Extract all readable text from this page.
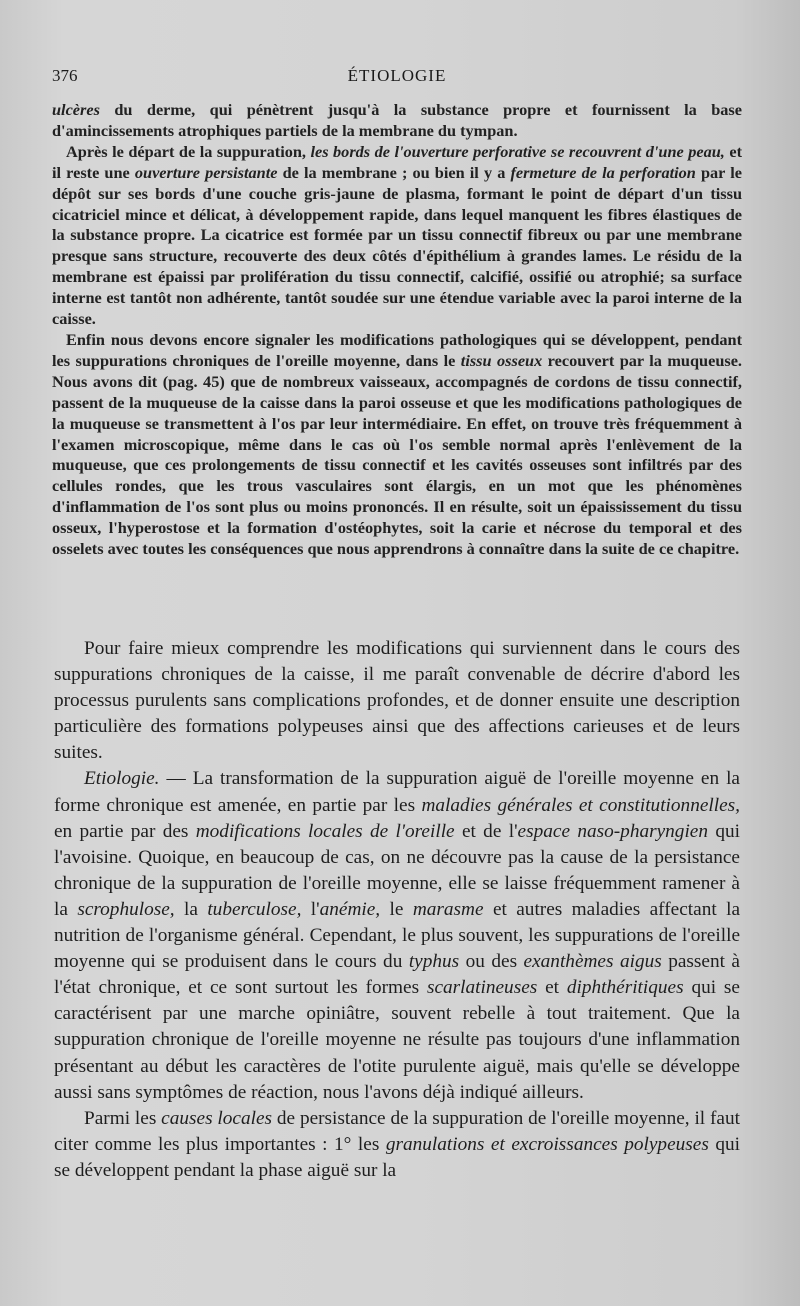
376	ÉTIOLOGIE

ulcères du derme, qui pénètrent jusqu'à la substance propre et fournissent la base d'amincissements atrophiques partiels de la membrane du tympan.

Après le départ de la suppuration, les bords de l'ouverture perforative se recouvrent d'une peau, et il reste une ouverture persistante de la membrane ; ou bien il y a fermeture de la perforation par le dépôt sur ses bords d'une couche gris-jaune de plasma, formant le point de départ d'un tissu cicatriciel mince et délicat, à développement rapide, dans lequel manquent les fibres élastiques de la substance propre. La cicatrice est formée par un tissu connectif fibreux ou par une membrane presque sans structure, recouverte des deux côtés d'épithélium à grandes lames. Le résidu de la membrane est épaissi par prolifération du tissu connectif, calcifié, ossifié ou atrophié; sa surface interne est tantôt non adhérente, tantôt soudée sur une étendue variable avec la paroi interne de la caisse.

Enfin nous devons encore signaler les modifications pathologiques qui se développent, pendant les suppurations chroniques de l'oreille moyenne, dans le tissu osseux recouvert par la muqueuse. Nous avons dit (pag. 45) que de nombreux vaisseaux, accompagnés de cordons de tissu connectif, passent de la muqueuse de la caisse dans la paroi osseuse et que les modifications pathologiques de la muqueuse se transmettent à l'os par leur intermédiaire. En effet, on trouve très fréquemment à l'examen microscopique, même dans le cas où l'os semble normal après l'enlèvement de la muqueuse, que ces prolongements de tissu connectif et les cavités osseuses sont infiltrés par des cellules rondes, que les trous vasculaires sont élargis, en un mot que les phénomènes d'inflammation de l'os sont plus ou moins prononcés. Il en résulte, soit un épaississement du tissu osseux, l'hyperostose et la formation d'ostéophytes, soit la carie et nécrose du temporal et des osselets avec toutes les conséquences que nous apprendrons à connaître dans la suite de ce chapitre.

Pour faire mieux comprendre les modifications qui surviennent dans le cours des suppurations chroniques de la caisse, il me paraît convenable de décrire d'abord les processus purulents sans complications profondes, et de donner ensuite une description particulière des formations polypeuses ainsi que des affections carieuses et de leurs suites.

Etiologie. — La transformation de la suppuration aiguë de l'oreille moyenne en la forme chronique est amenée, en partie par les maladies générales et constitutionnelles, en partie par des modifications locales de l'oreille et de l'espace naso-pharyngien qui l'avoisine. Quoique, en beaucoup de cas, on ne découvre pas la cause de la persistance chronique de la suppuration de l'oreille moyenne, elle se laisse fréquemment ramener à la scrophulose, la tuberculose, l'anémie, le marasme et autres maladies affectant la nutrition de l'organisme général. Cependant, le plus souvent, les suppurations de l'oreille moyenne qui se produisent dans le cours du typhus ou des exanthèmes aigus passent à l'état chronique, et ce sont surtout les formes scarlatineuses et diphthéritiques qui se caractérisent par une marche opiniâtre, souvent rebelle à tout traitement. Que la suppuration chronique de l'oreille moyenne ne résulte pas toujours d'une inflammation présentant au début les caractères de l'otite purulente aiguë, mais qu'elle se développe aussi sans symptômes de réaction, nous l'avons déjà indiqué ailleurs.

Parmi les causes locales de persistance de la suppuration de l'oreille moyenne, il faut citer comme les plus importantes : 1° les granulations et excroissances polypeuses qui se développent pendant la phase aiguë sur la
